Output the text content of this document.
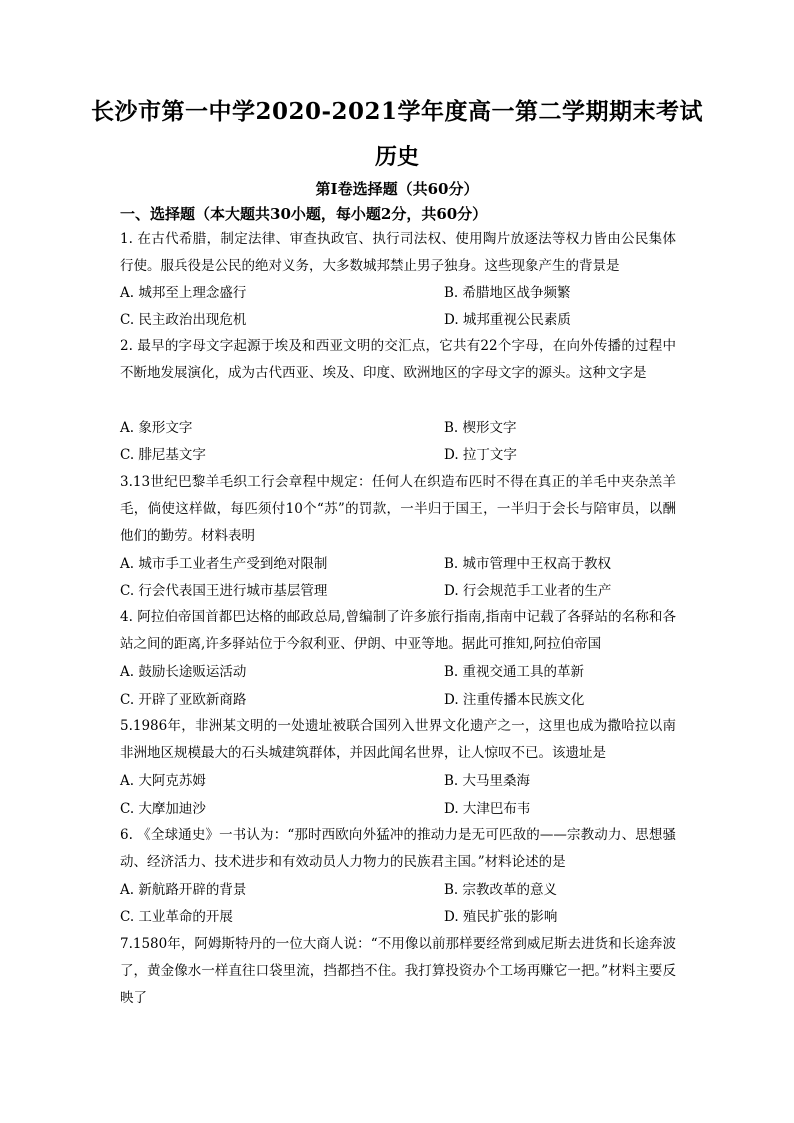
长沙市第一中学2020-2021学年度高一第二学期期末考试
历史
第I卷选择题（共60分）
一、选择题（本大题共30小题，每小题2分，共60分）
1. 在古代希腊，制定法律、审查执政官、执行司法权、使用陶片放逐法等权力皆由公民集体行使。服兵役是公民的绝对义务，大多数城邦禁止男子独身。这些现象产生的背景是
A. 城邦至上理念盛行	B. 希腊地区战争频繁
C. 民主政治出现危机	D. 城邦重视公民素质
2. 最早的字母文字起源于埃及和西亚文明的交汇点，它共有22个字母，在向外传播的过程中不断地发展演化，成为古代西亚、埃及、印度、欧洲地区的字母文字的源头。这种文字是
A. 象形文字	B. 楔形文字
C. 腓尼基文字	D. 拉丁文字
3.13世纪巴黎羊毛织工行会章程中规定：任何人在织造布匹时不得在真正的羊毛中夹杂羔羊毛，倘使这样做，每匹须付10个“苏”的罚款，一半归于国王，一半归于会长与陪审员，以酬他们的勤劳。材料表明
A. 城市手工业者生产受到绝对限制	B. 城市管理中王权高于教权
C. 行会代表国王进行城市基层管理	D. 行会规范手工业者的生产
4. 阿拉伯帝国首都巴达格的邮政总局,曾编制了许多旅行指南,指南中记载了各驿站的名称和各站之间的距离,许多驿站位于今叙利亚、伊朗、中亚等地。据此可推知,阿拉伯帝国
A. 鼓励长途贩运活动	B. 重视交通工具的革新
C. 开辟了亚欧新商路	D. 注重传播本民族文化
5.1986年，非洲某文明的一处遗址被联合国列入世界文化遗产之一，这里也成为撒哈拉以南非洲地区规模最大的石头城建筑群体，并因此闻名世界，让人惊叹不已。该遗址是
A. 大阿克苏姆	B. 大马里桑海
C. 大摩加迪沙	D. 大津巴布韦
6. 《全球通史》一书认为：“那时西欧向外猛冲的推动力是无可匹敌的——宗教动力、思想骚动、经济活力、技术进步和有效动员人力物力的民族君主国。”材料论述的是
A. 新航路开辟的背景	B. 宗教改革的意义
C. 工业革命的开展	D. 殖民扩张的影响
7.1580年，阿姆斯特丹的一位大商人说：“不用像以前那样要经常到威尼斯去进货和长途奔波了，黄金像水一样直往口袋里流，挡都挡不住。我打算投资办个工场再赚它一把。”材料主要反映了
